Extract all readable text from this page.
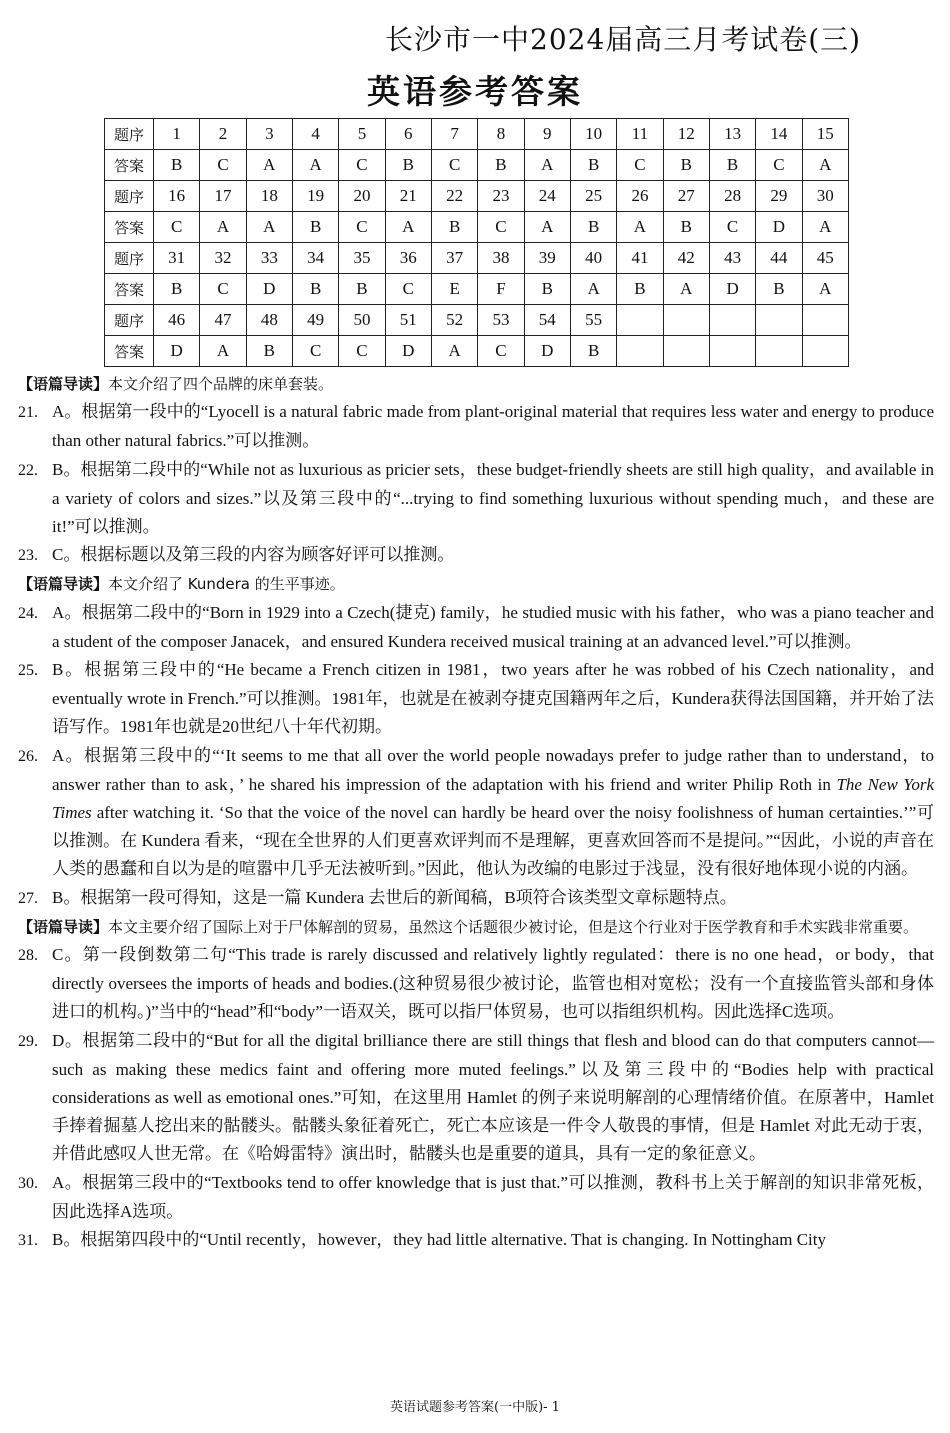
长沙市一中2024届高三月考试卷(三)
英语参考答案
题序	1	2	3	4	5	6	7	8	9	10	11	12	13	14	15
答案	B	C	A	A	C	B	C	B	A	B	C	B	B	C	A
题序	16	17	18	19	20	21	22	23	24	25	26	27	28	29	30
答案	C	A	A	B	C	A	B	C	A	B	A	B	C	D	A
题序	31	32	33	34	35	36	37	38	39	40	41	42	43	44	45
答案	B	C	D	B	B	C	E	F	B	A	B	A	D	B	A
题序	46	47	48	49	50	51	52	53	54	55					
答案	D	A	B	C	C	D	A	C	D	B					

【语篇导读】本文介绍了四个品牌的床单套装。

21. A。根据第一段中的“Lyocell is a natural fabric made from plant-original material that requires less water and energy to produce than other natural fabrics.”可以推测。

22. B。根据第二段中的“While not as luxurious as pricier sets，these budget-friendly sheets are still high quality，and available in a variety of colors and sizes.”以及第三段中的“...trying to find something luxurious without spending much，and these are it!”可以推测。

23. C。根据标题以及第三段的内容为顾客好评可以推测。

【语篇导读】本文介绍了 Kundera 的生平事迹。

24. A。根据第二段中的“Born in 1929 into a Czech(捷克) family，he studied music with his father，who was a piano teacher and a student of the composer Janacek，and ensured Kundera received musical training at an advanced level.”可以推测。

25. B。根据第三段中的“He became a French citizen in 1981，two years after he was robbed of his Czech nationality，and eventually wrote in French.”可以推测。1981年，也就是在被剥夺捷克国籍两年之后，Kundera获得法国国籍，并开始了法语写作。1981年也就是20世纪八十年代初期。

26. A。根据第三段中的“‘It seems to me that all over the world people nowadays prefer to judge rather than to understand，to answer rather than to ask，’ he shared his impression of the adaptation with his friend and writer Philip Roth in The New York Times after watching it. ‘So that the voice of the novel can hardly be heard over the noisy foolishness of human certainties.’”可以推测。在 Kundera 看来，“现在全世界的人们更喜欢评判而不是理解，更喜欢回答而不是提问。”“因此，小说的声音在人类的愚蠢和自以为是的喧嚣中几乎无法被听到。”因此，他认为改编的电影过于浅显，没有很好地体现小说的内涵。

27. B。根据第一段可得知，这是一篇 Kundera 去世后的新闻稿，B项符合该类型文章标题特点。

【语篇导读】本文主要介绍了国际上对于尸体解剖的贸易，虽然这个话题很少被讨论，但是这个行业对于医学教育和手术实践非常重要。

28. C。第一段倒数第二句“This trade is rarely discussed and relatively lightly regulated：there is no one head，or body，that directly oversees the imports of heads and bodies.(这种贸易很少被讨论，监管也相对宽松；没有一个直接监管头部和身体进口的机构。)”当中的“head”和“body”一语双关，既可以指尸体贸易，也可以指组织机构。因此选择C选项。

29. D。根据第二段中的“But for all the digital brilliance there are still things that flesh and blood can do that computers cannot—such as making these medics faint and offering more muted feelings.”以及第三段中的“Bodies help with practical considerations as well as emotional ones.”可知，在这里用 Hamlet 的例子来说明解剖的心理情绪价值。在原著中，Hamlet 手捧着掘墓人挖出来的骷髅头。骷髅头象征着死亡，死亡本应该是一件令人敬畏的事情，但是 Hamlet 对此无动于衷，并借此感叹人世无常。在《哈姆雷特》演出时，骷髅头也是重要的道具，具有一定的象征意义。

30. A。根据第三段中的“Textbooks tend to offer knowledge that is just that.”可以推测，教科书上关于解剖的知识非常死板，因此选择A选项。

31. B。根据第四段中的“Until recently，however，they had little alternative. That is changing. In Nottingham City

英语试题参考答案(一中版)- 1
